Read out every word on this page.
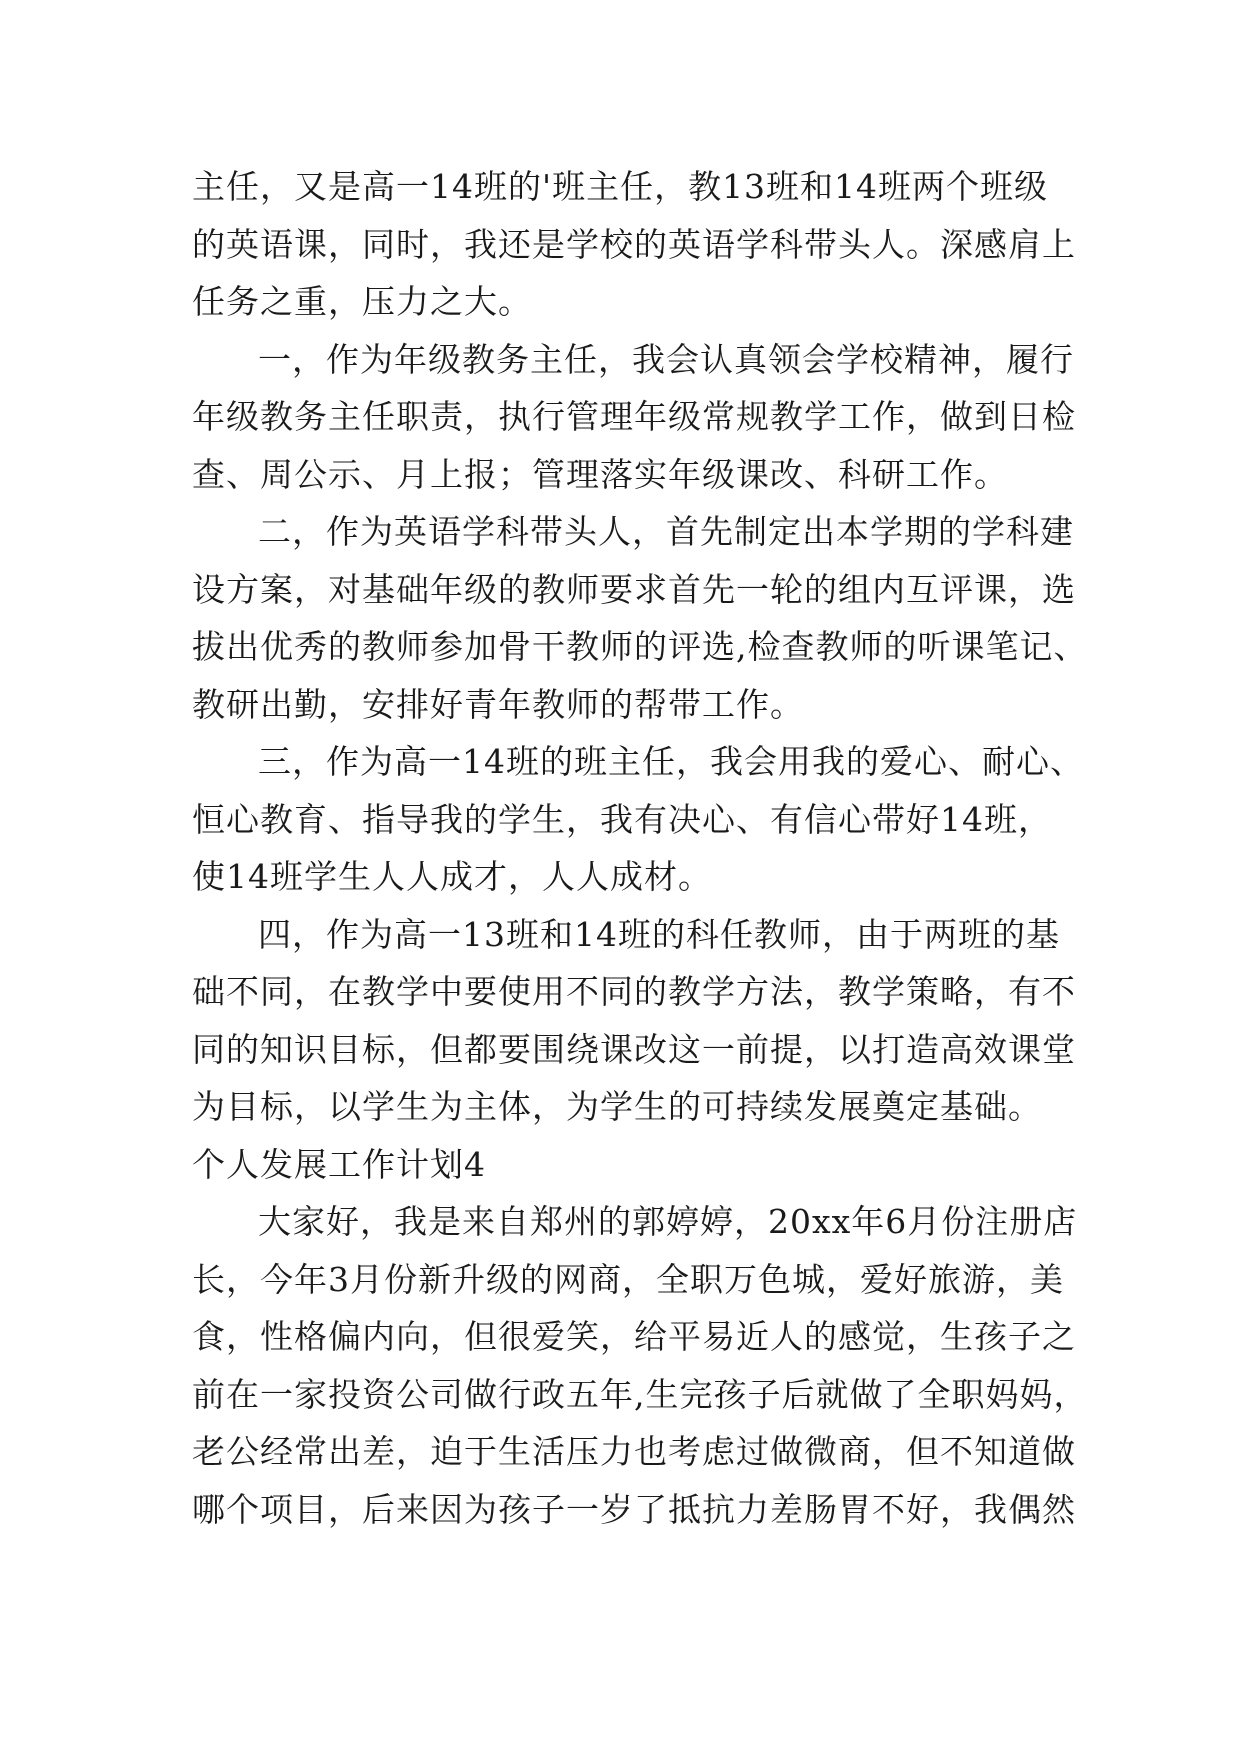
主任，又是高一14班的'班主任，教13班和14班两个班级
的英语课，同时，我还是学校的英语学科带头人。深感肩上
任务之重，压力之大。
一，作为年级教务主任，我会认真领会学校精神，履行
年级教务主任职责，执行管理年级常规教学工作，做到日检
查、周公示、月上报；管理落实年级课改、科研工作。
二，作为英语学科带头人，首先制定出本学期的学科建
设方案，对基础年级的教师要求首先一轮的组内互评课，选
拔出优秀的教师参加骨干教师的评选,检查教师的听课笔记、
教研出勤，安排好青年教师的帮带工作。
三，作为高一14班的班主任，我会用我的爱心、耐心、
恒心教育、指导我的学生，我有决心、有信心带好14班，
使14班学生人人成才，人人成材。
四，作为高一13班和14班的科任教师，由于两班的基
础不同，在教学中要使用不同的教学方法，教学策略，有不
同的知识目标，但都要围绕课改这一前提，以打造高效课堂
为目标，以学生为主体，为学生的可持续发展奠定基础。
个人发展工作计划4
大家好，我是来自郑州的郭婷婷，20xx年6月份注册店
长，今年3月份新升级的网商，全职万色城，爱好旅游，美
食，性格偏内向，但很爱笑，给平易近人的感觉，生孩子之
前在一家投资公司做行政五年,生完孩子后就做了全职妈妈，
老公经常出差，迫于生活压力也考虑过做微商，但不知道做
哪个项目，后来因为孩子一岁了抵抗力差肠胃不好，我偶然
